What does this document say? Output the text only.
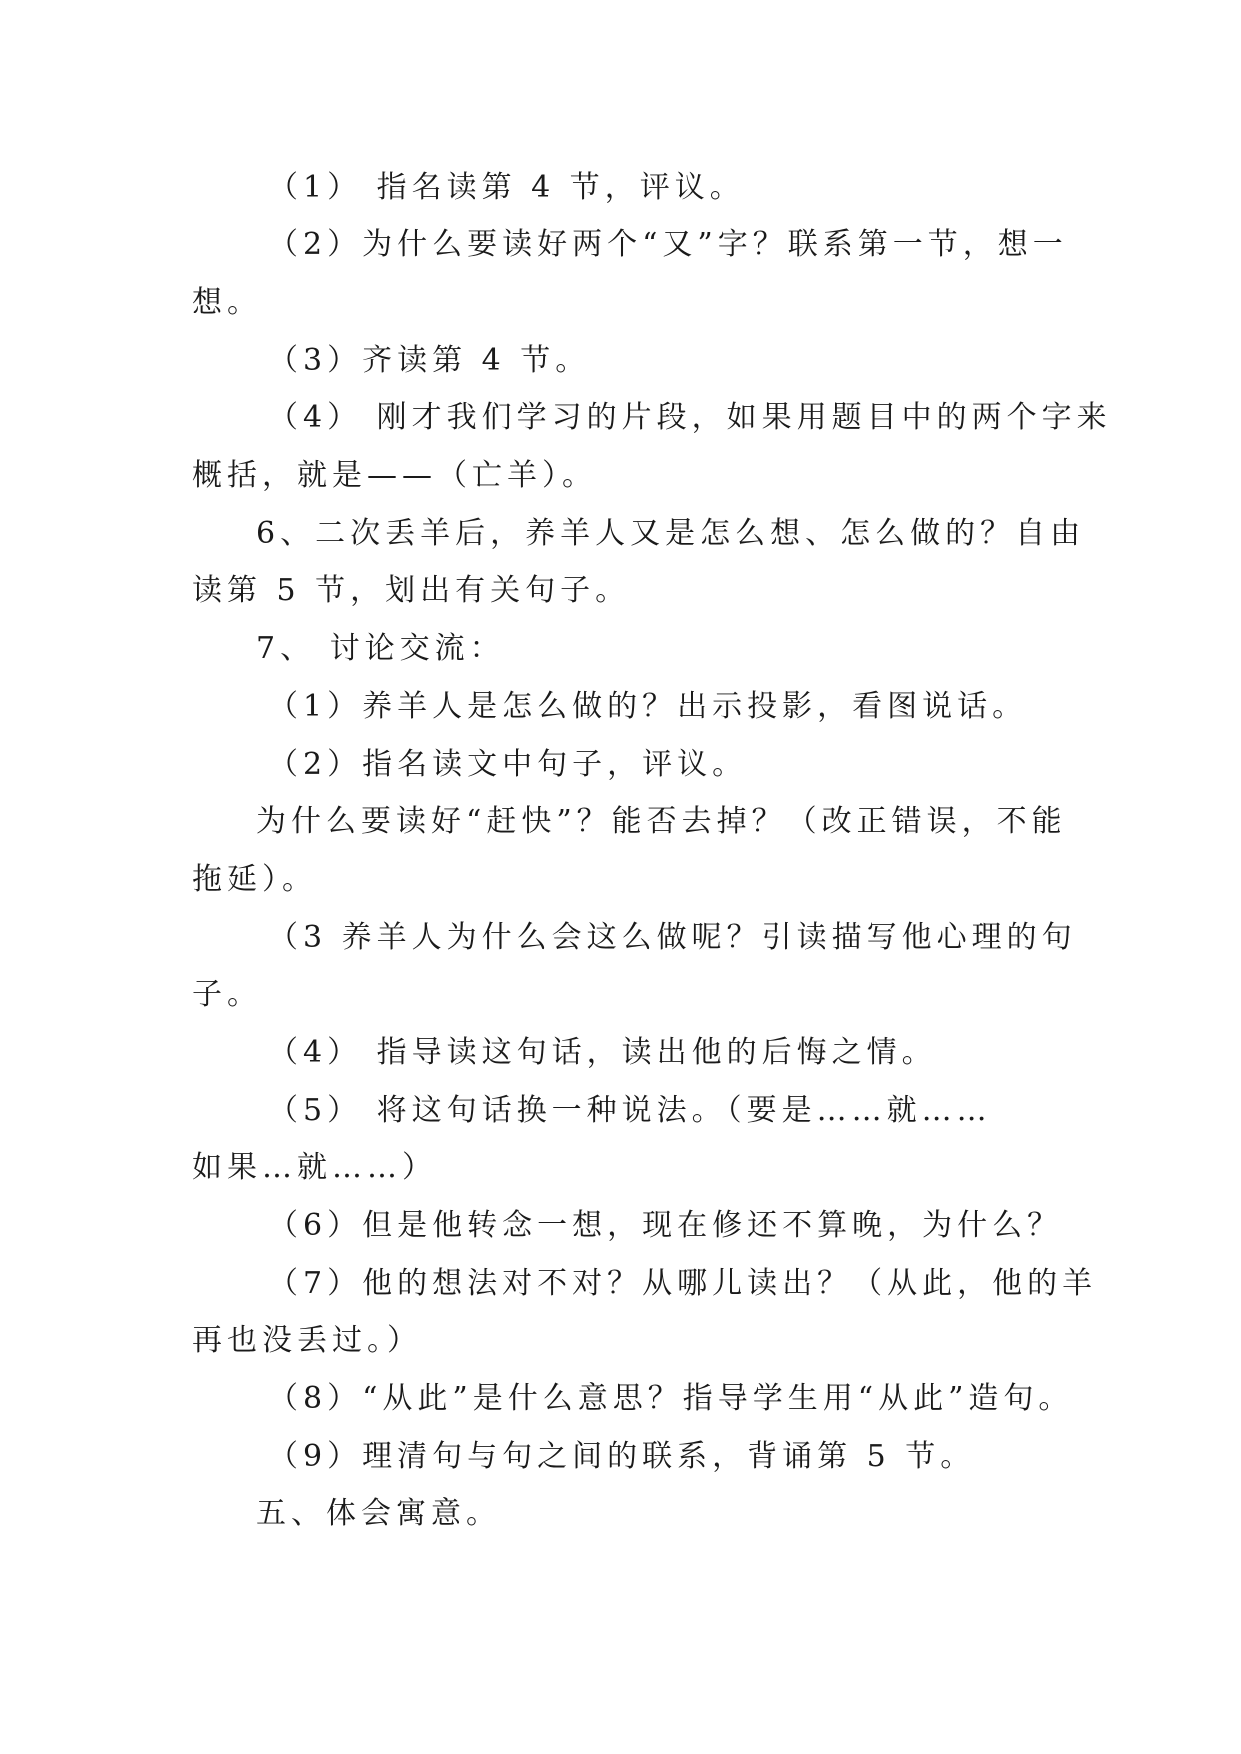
（1） 指名读第 4 节，评议。
（2）为什么要读好两个“又”字？联系第一节，想一
想。
（3）齐读第 4 节。
（4） 刚才我们学习的片段，如果用题目中的两个字来
概括，就是——（亡羊）。
6、二次丢羊后，养羊人又是怎么想、怎么做的？自由
读第 5 节，划出有关句子。
7、 讨论交流：
（1）养羊人是怎么做的？出示投影，看图说话。
（2）指名读文中句子，评议。
为什么要读好“赶快”？能否去掉？（改正错误，不能
拖延）。
（3 养羊人为什么会这么做呢？引读描写他心理的句
子。
（4） 指导读这句话，读出他的后悔之情。
（5） 将这句话换一种说法。（要是……就……
如果…就……）
（6）但是他转念一想，现在修还不算晚，为什么？
（7）他的想法对不对？从哪儿读出？（从此，他的羊
再也没丢过。）
（8）“从此”是什么意思？指导学生用“从此”造句。
（9）理清句与句之间的联系，背诵第 5 节。
五、体会寓意。
